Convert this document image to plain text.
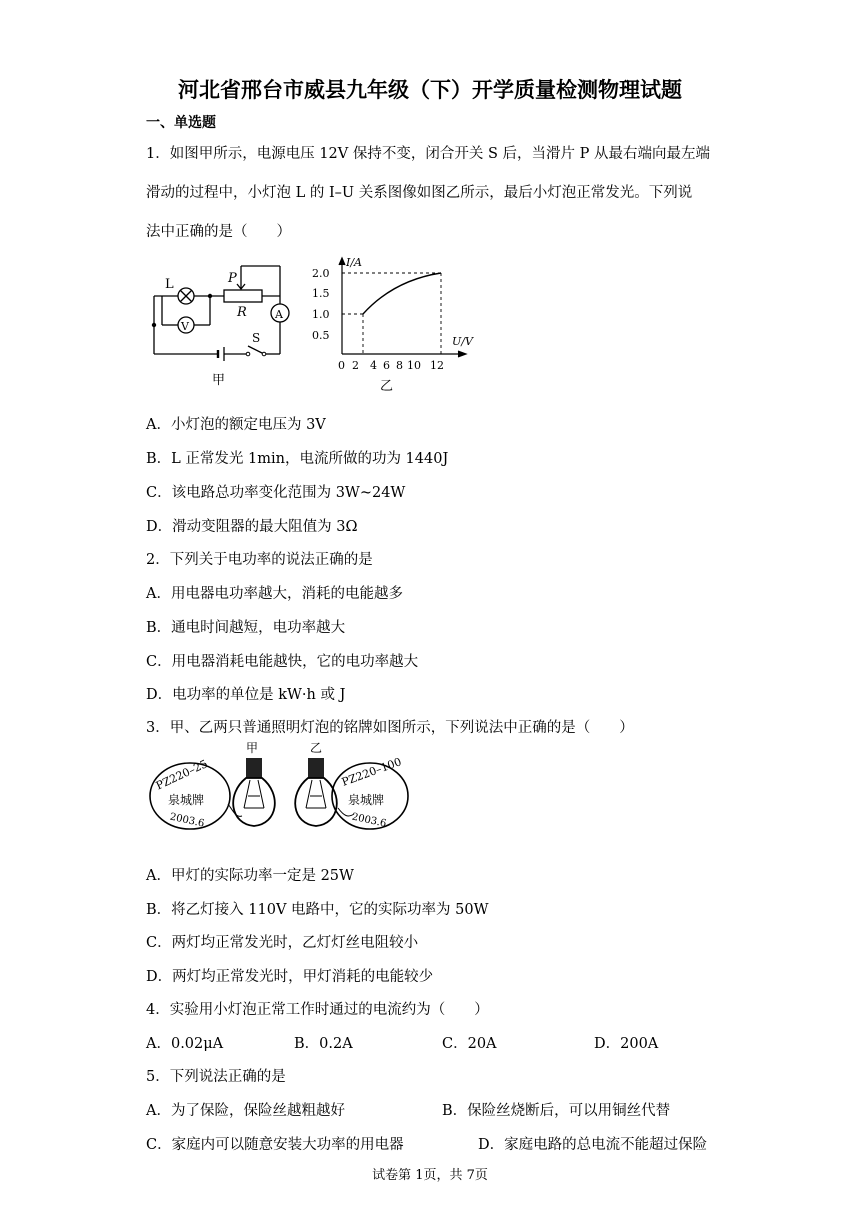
河北省邢台市威县九年级（下）开学质量检测物理试题
一、单选题
1．如图甲所示，电源电压 12V 保持不变，闭合开关 S 后，当滑片 P 从最右端向最左端
滑动的过程中，小灯泡 L 的 I–U 关系图像如图乙所示，最后小灯泡正常发光。下列说
法中正确的是（　　）
L
V
P
R	A
S
甲
I/A
U/V
2.0
1.5
1.0
0.5
0 2 4 6 8 10 12
乙
A．小灯泡的额定电压为 3V
B．L 正常发光 1min，电流所做的功为 1440J
C．该电路总功率变化范围为 3W~24W
D．滑动变阻器的最大阻值为 3Ω
2．下列关于电功率的说法正确的是
A．用电器电功率越大，消耗的电能越多
B．通电时间越短，电功率越大
C．用电器消耗电能越快，它的电功率越大
D．电功率的单位是 kW·h 或 J
3．甲、乙两只普通照明灯泡的铭牌如图所示，下列说法中正确的是（　　）
PZ220–25
泉城牌
2003.6
甲	乙
PZ220–100
泉城牌
2003.6
A．甲灯的实际功率一定是 25W
B．将乙灯接入 110V 电路中，它的实际功率为 50W
C．两灯均正常发光时，乙灯灯丝电阻较小
D．两灯均正常发光时，甲灯消耗的电能较少
4．实验用小灯泡正常工作时通过的电流约为（　　）
A．0.02μA	B．0.2A	C．20A	D．200A
5．下列说法正确的是
A．为了保险，保险丝越粗越好	B．保险丝烧断后，可以用铜丝代替
C．家庭内可以随意安装大功率的用电器	D．家庭电路的总电流不能超过保险
试卷第 1页，共 7页
